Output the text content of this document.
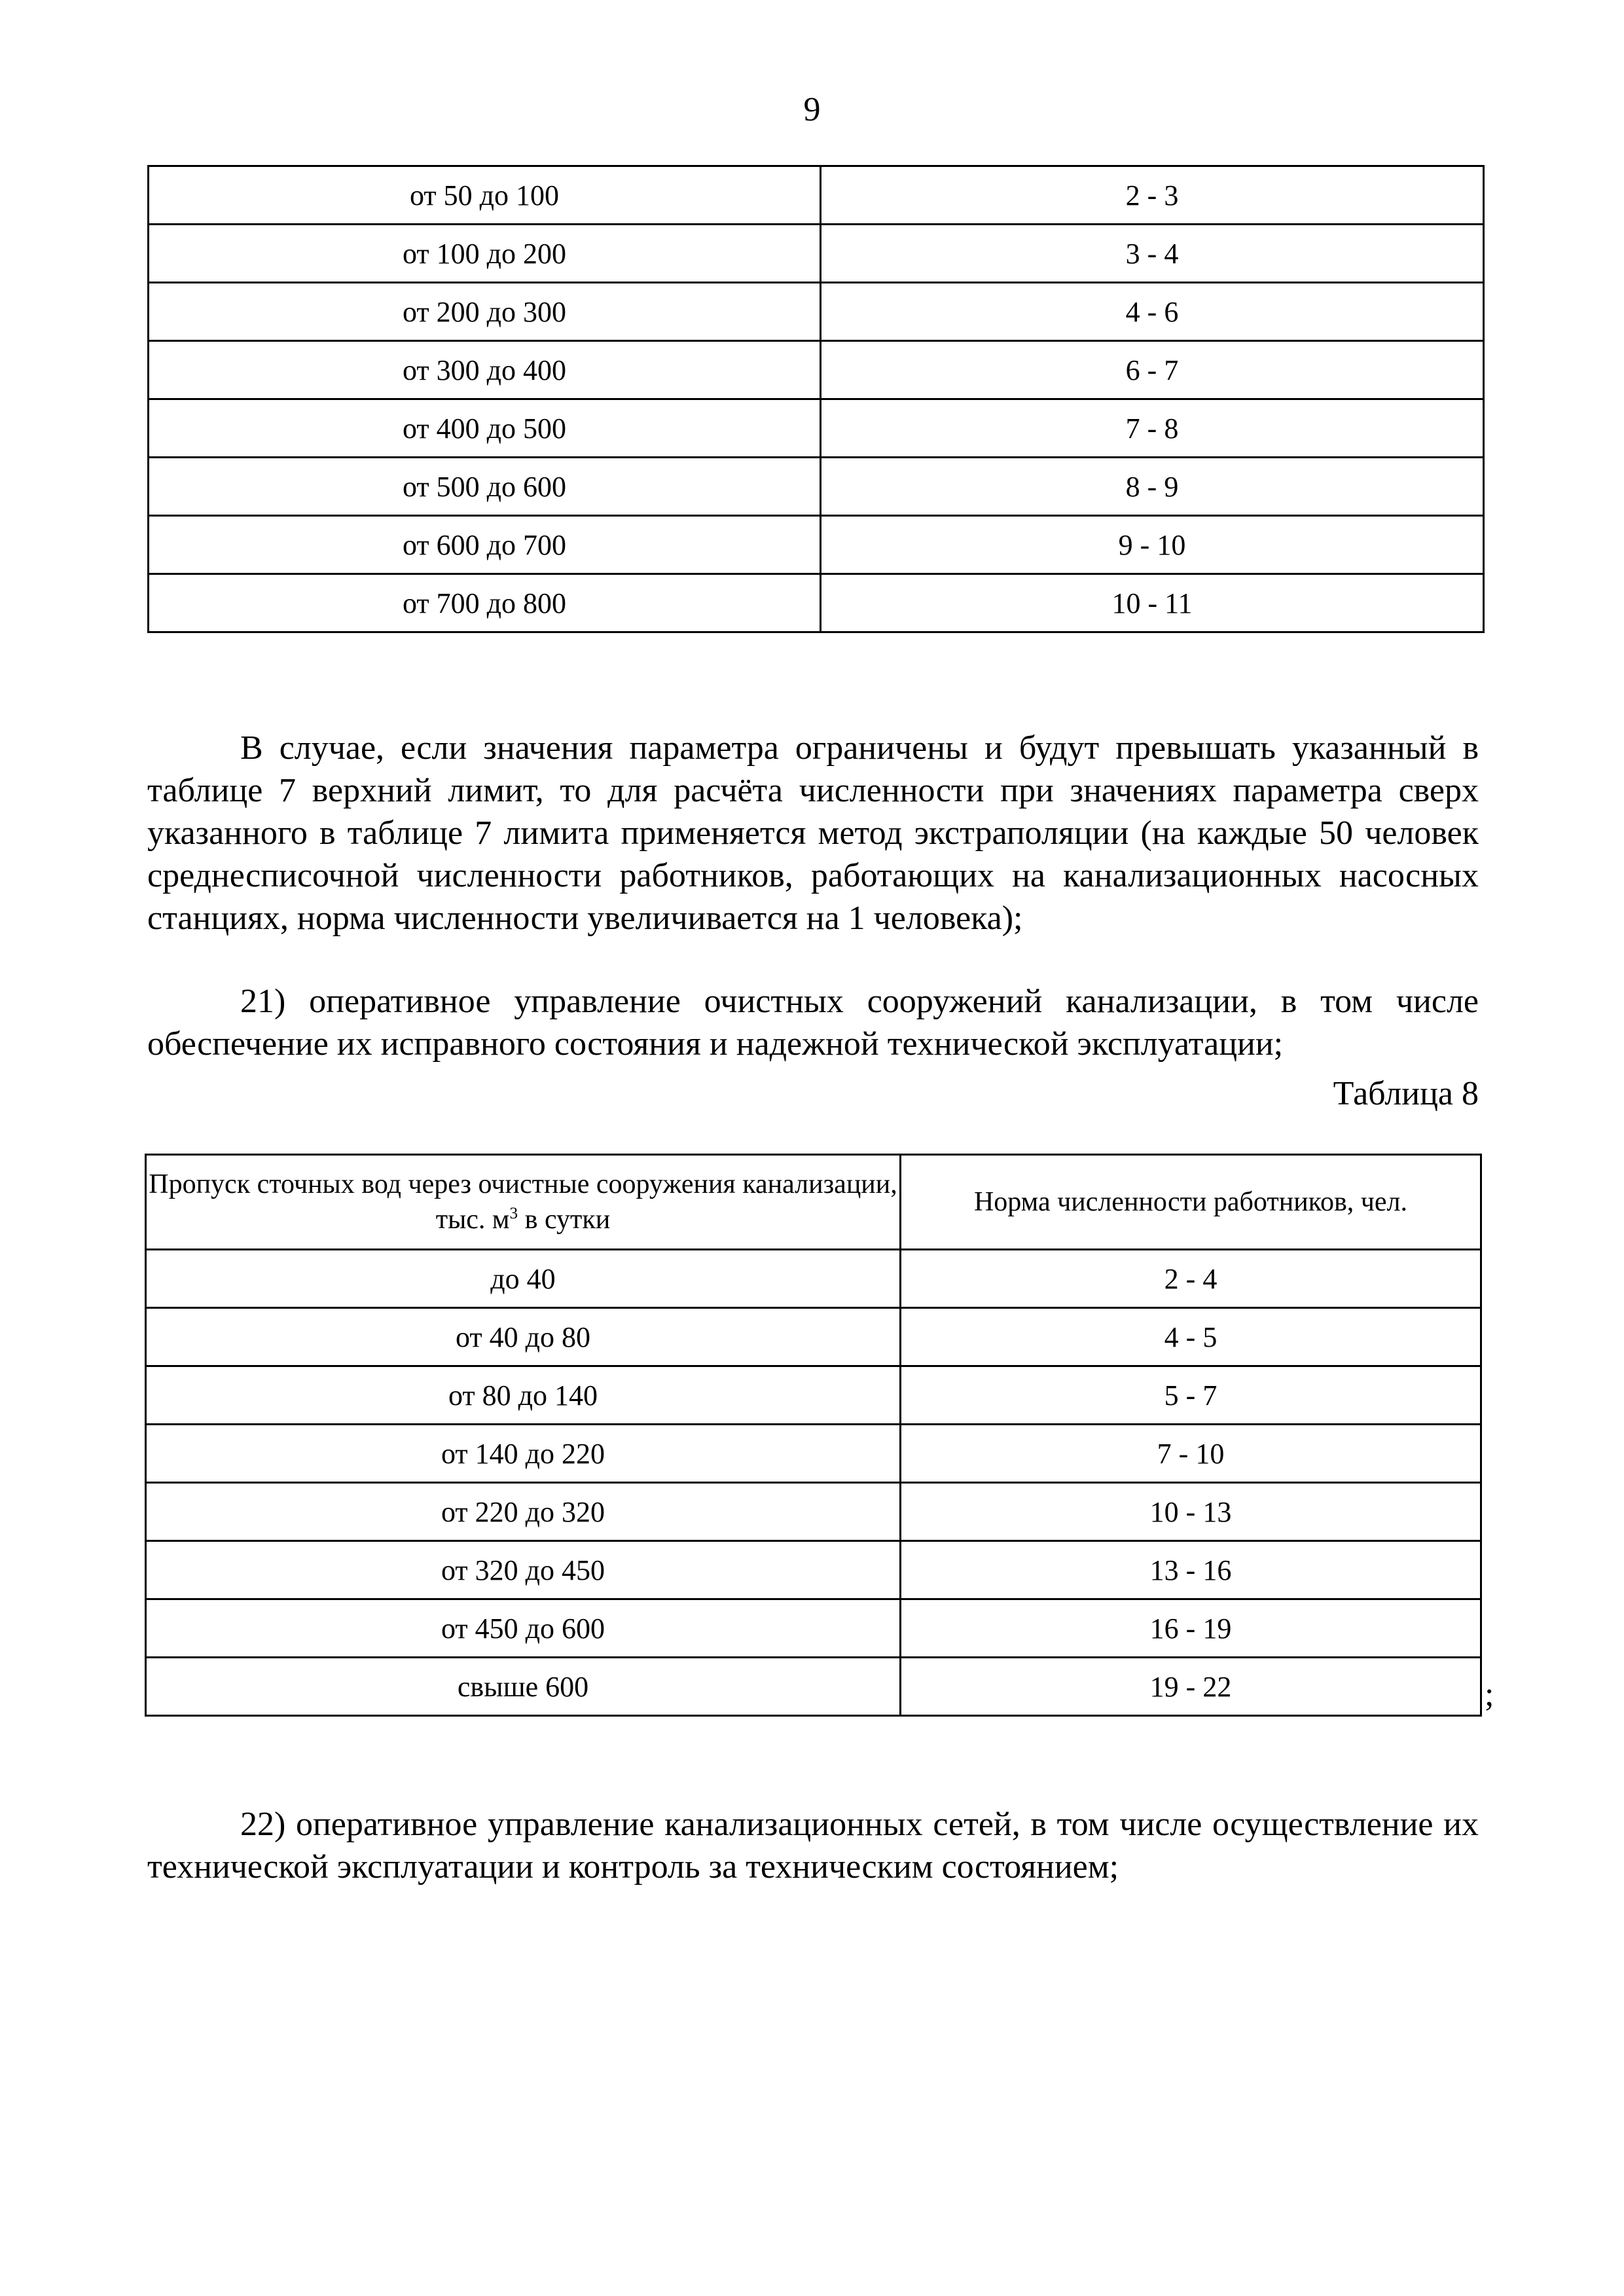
9
от 50 до 100	2 - 3
от 100 до 200	3 - 4
от 200 до 300	4 - 6
от 300 до 400	6 - 7
от 400 до 500	7 - 8
от 500 до 600	8 - 9
от 600 до 700	9 - 10
от 700 до 800	10 - 11

В случае, если значения параметра ограничены и будут превышать указанный в таблице 7 верхний лимит, то для расчёта численности при значениях параметра сверх указанного в таблице 7 лимита применяется метод экстраполяции (на каждые 50 человек среднесписочной численности работников, работающих на канализационных насосных станциях, норма численности увеличивается на 1 человека);

21) оперативное управление очистных сооружений канализации, в том числе обеспечение их исправного состояния и надежной технической эксплуатации;

Таблица 8
Пропуск сточных вод через очистные сооружения канализации, тыс. $м^3$ в сутки	Норма численности работников, чел.
до 40	2 - 4
от 40 до 80	4 - 5
от 80 до 140	5 - 7
от 140 до 220	7 - 10
от 220 до 320	10 - 13
от 320 до 450	13 - 16
от 450 до 600	16 - 19
свыше 600	19 - 22	;

22) оперативное управление канализационных сетей, в том числе осуществление их технической эксплуатации и контроль за техническим состоянием;
